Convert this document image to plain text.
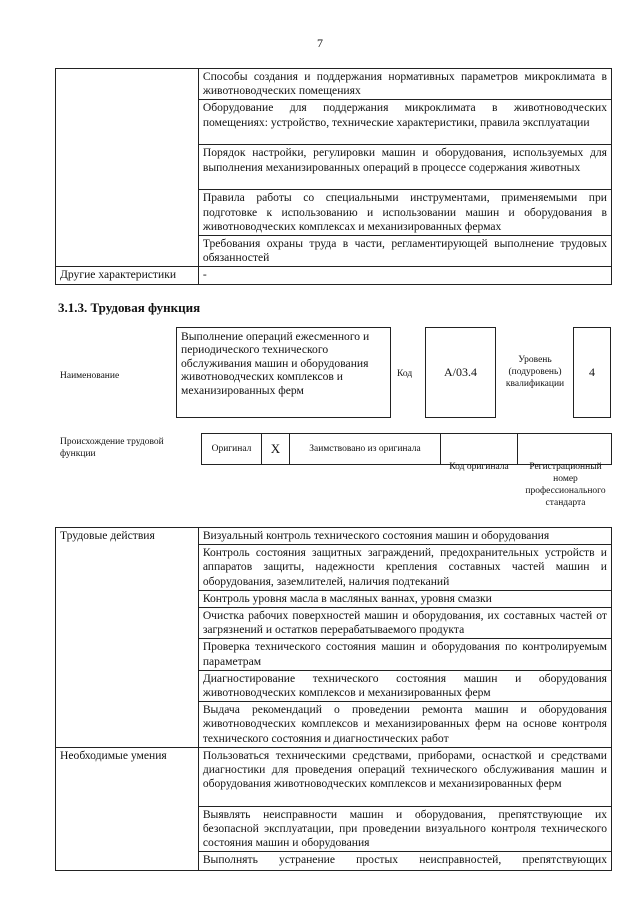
7
	Способы создания и поддержания нормативных параметров микроклимата в животноводческих помещениях
	Оборудование для поддержания микроклимата в животноводческих помещениях: устройство, технические характеристики, правила эксплуатации
	Порядок настройки, регулировки машин и оборудования, используемых для выполнения механизированных операций в процессе содержания животных
	Правила работы со специальными инструментами, применяемыми при подготовке к использованию и использовании машин и оборудования в животноводческих комплексах и механизированных фермах
	Требования охраны труда в части, регламентирующей выполнение трудовых обязанностей
Другие характеристики	-
3.1.3. Трудовая функция
Наименование
Выполнение операций ежесменного и периодического технического обслуживания машин и оборудования животноводческих комплексов и механизированных ферм
Код	А/03.4
Уровень (подуровень) квалификации
4
Происхождение трудовой функции	Оригинал X	Заимствовано из оригинала
Код оригинала	Регистрационный номер профессионального стандарта
Трудовые действия	Визуальный контроль технического состояния машин и оборудования
	Контроль состояния защитных заграждений, предохранительных устройств и аппаратов защиты, надежности крепления составных частей машин и оборудования, заземлителей, наличия подтеканий
	Контроль уровня масла в масляных ваннах, уровня смазки
	Очистка рабочих поверхностей машин и оборудования, их составных частей от загрязнений и остатков перерабатываемого продукта
	Проверка технического состояния машин и оборудования по контролируемым параметрам
	Диагностирование технического состояния машин и оборудования животноводческих комплексов и механизированных ферм
	Выдача рекомендаций о проведении ремонта машин и оборудования животноводческих комплексов и механизированных ферм на основе контроля технического состояния и диагностических работ
Необходимые умения	Пользоваться техническими средствами, приборами, оснасткой и средствами диагностики для проведения операций технического обслуживания машин и оборудования животноводческих комплексов и механизированных ферм
	Выявлять неисправности машин и оборудования, препятствующие их безопасной эксплуатации, при проведении визуального контроля технического состояния машин и оборудования
	Выполнять устранение простых неисправностей, препятствующих
